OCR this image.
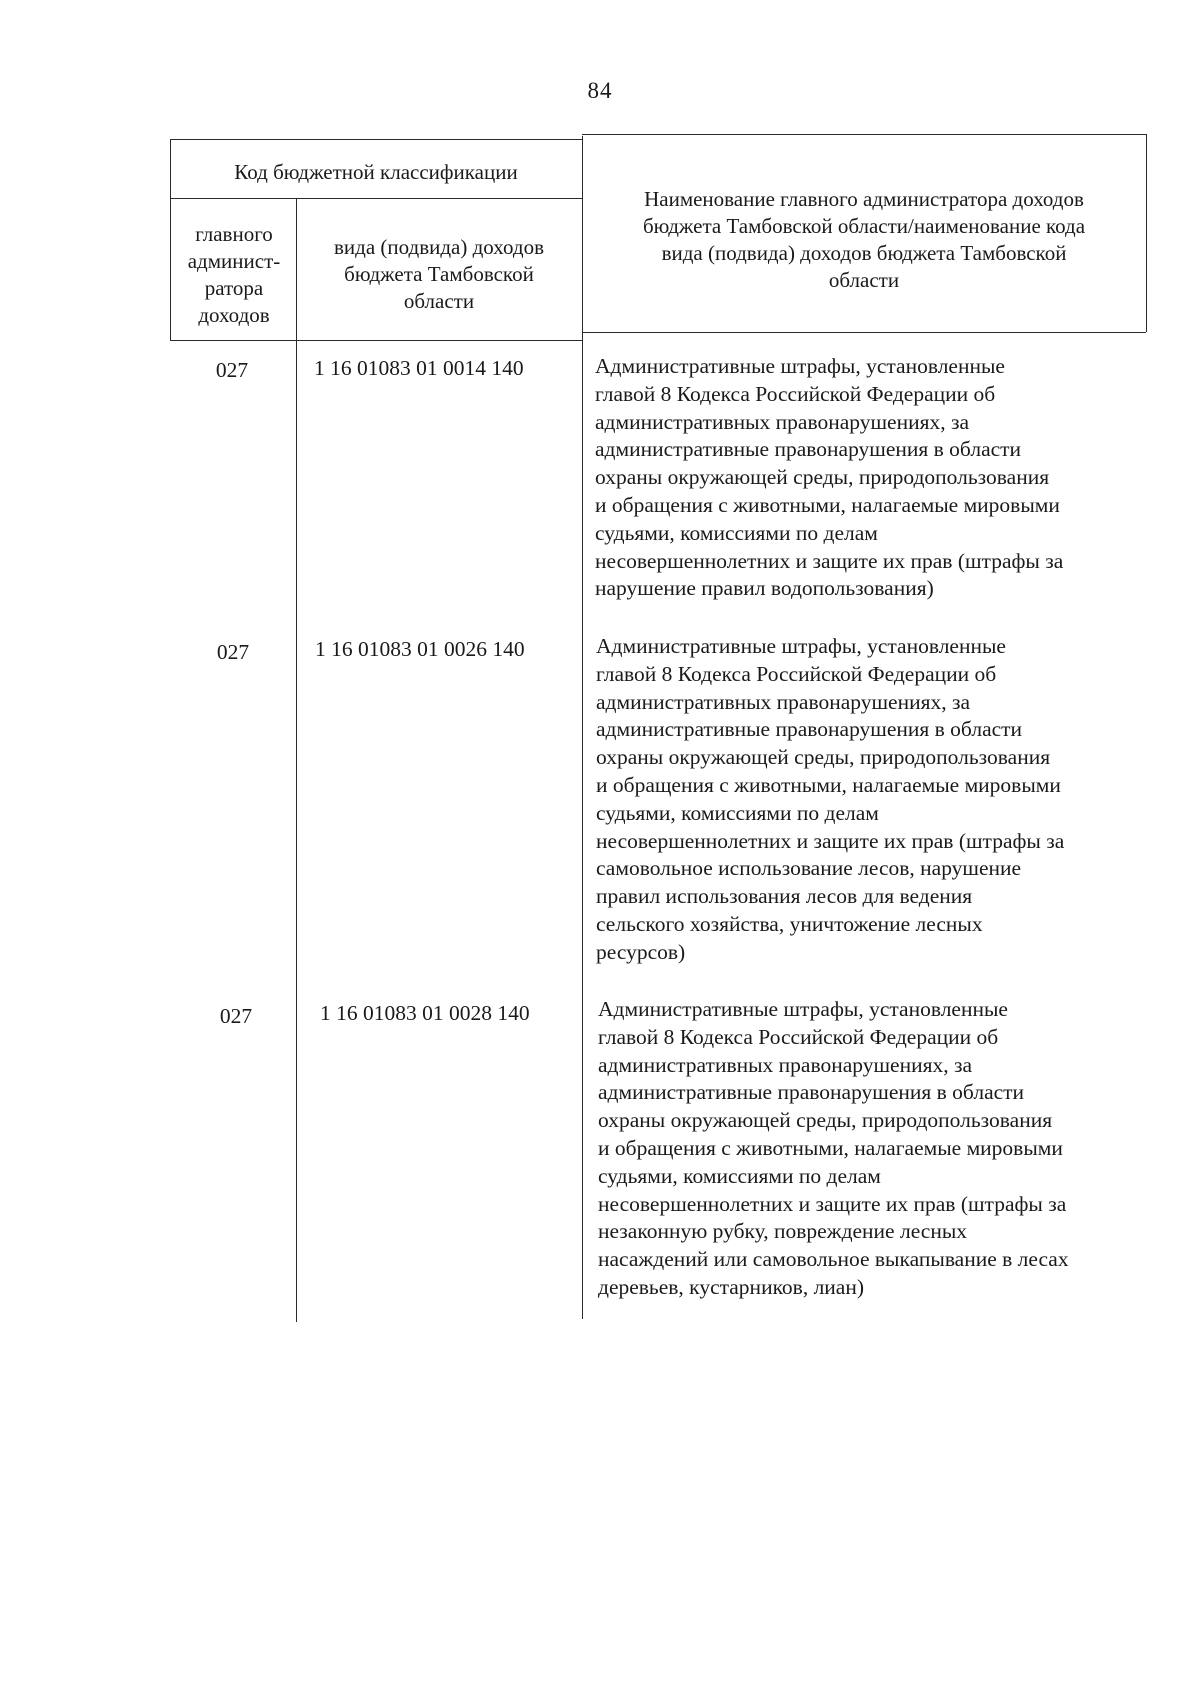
84
Код бюджетной классификации
главного
админист-
ратора
доходов
вида (подвида) доходов
бюджета Тамбовской
области
Наименование главного администратора доходов
бюджета Тамбовской области/наименование кода
вида (подвида) доходов бюджета Тамбовской
области
027	1 16 01083 01 0014 140	Административные штрафы, установленные
главой 8 Кодекса Российской Федерации об
административных правонарушениях, за
административные правонарушения в области
охраны окружающей среды, природопользования
и обращения с животными, налагаемые мировыми
судьями, комиссиями по делам
несовершеннолетних и защите их прав (штрафы за
нарушение правил водопользования)
027	1 16 01083 01 0026 140	Административные штрафы, установленные
главой 8 Кодекса Российской Федерации об
административных правонарушениях, за
административные правонарушения в области
охраны окружающей среды, природопользования
и обращения с животными, налагаемые мировыми
судьями, комиссиями по делам
несовершеннолетних и защите их прав (штрафы за
самовольное использование лесов, нарушение
правил использования лесов для ведения
сельского хозяйства, уничтожение лесных
ресурсов)
027	1 16 01083 01 0028 140	Административные штрафы, установленные
главой 8 Кодекса Российской Федерации об
административных правонарушениях, за
административные правонарушения в области
охраны окружающей среды, природопользования
и обращения с животными, налагаемые мировыми
судьями, комиссиями по делам
несовершеннолетних и защите их прав (штрафы за
незаконную рубку, повреждение лесных
насаждений или самовольное выкапывание в лесах
деревьев, кустарников, лиан)
